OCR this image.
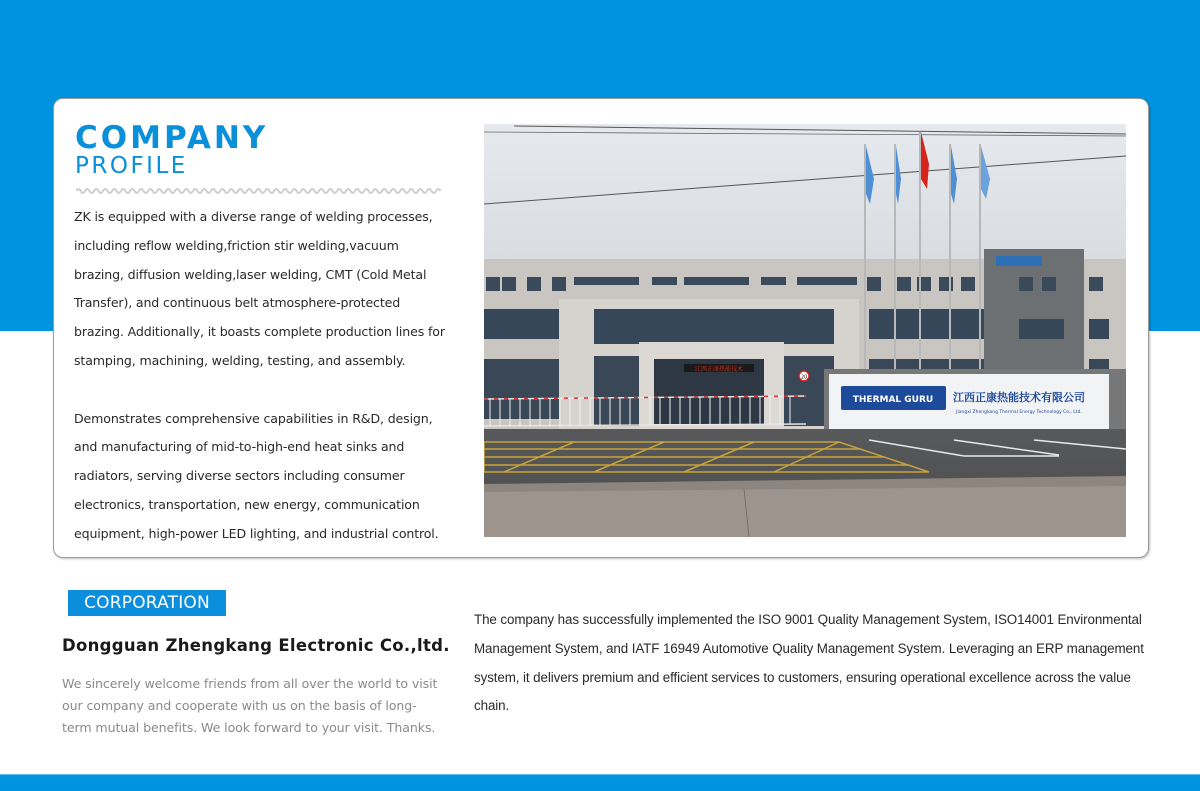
COMPANY
PROFILE

ZK is equipped with a diverse range of welding processes, including reflow welding,friction stir welding,vacuum brazing, diffusion welding,laser welding, CMT (Cold Metal Transfer), and continuous belt atmosphere-protected brazing. Additionally, it boasts complete production lines for stamping, machining, welding, testing, and assembly.

Demonstrates comprehensive capabilities in R&D, design, and manufacturing of mid-to-high-end heat sinks and radiators, serving diverse sectors including consumer electronics, transportation, new energy, communication equipment, high-power LED lighting, and industrial control.

江西正康热能技术
THERMAL GURU 江西正康热能技术有限公司
Jiangxi Zhengkang Thermal Energy Technology Co., Ltd.
20
CORPORATION
Dongguan Zhengkang Electronic Co.,ltd.
We sincerely welcome friends from all over the world to visit our company and cooperate with us on the basis of long-term mutual benefits. We look forward to your visit. Thanks.
The company has successfully implemented the ISO 9001 Quality Management System, ISO14001 Environmental Management System, and IATF 16949 Automotive Quality Management System. Leveraging an ERP management system, it delivers premium and efficient services to customers, ensuring operational excellence across the value chain.
